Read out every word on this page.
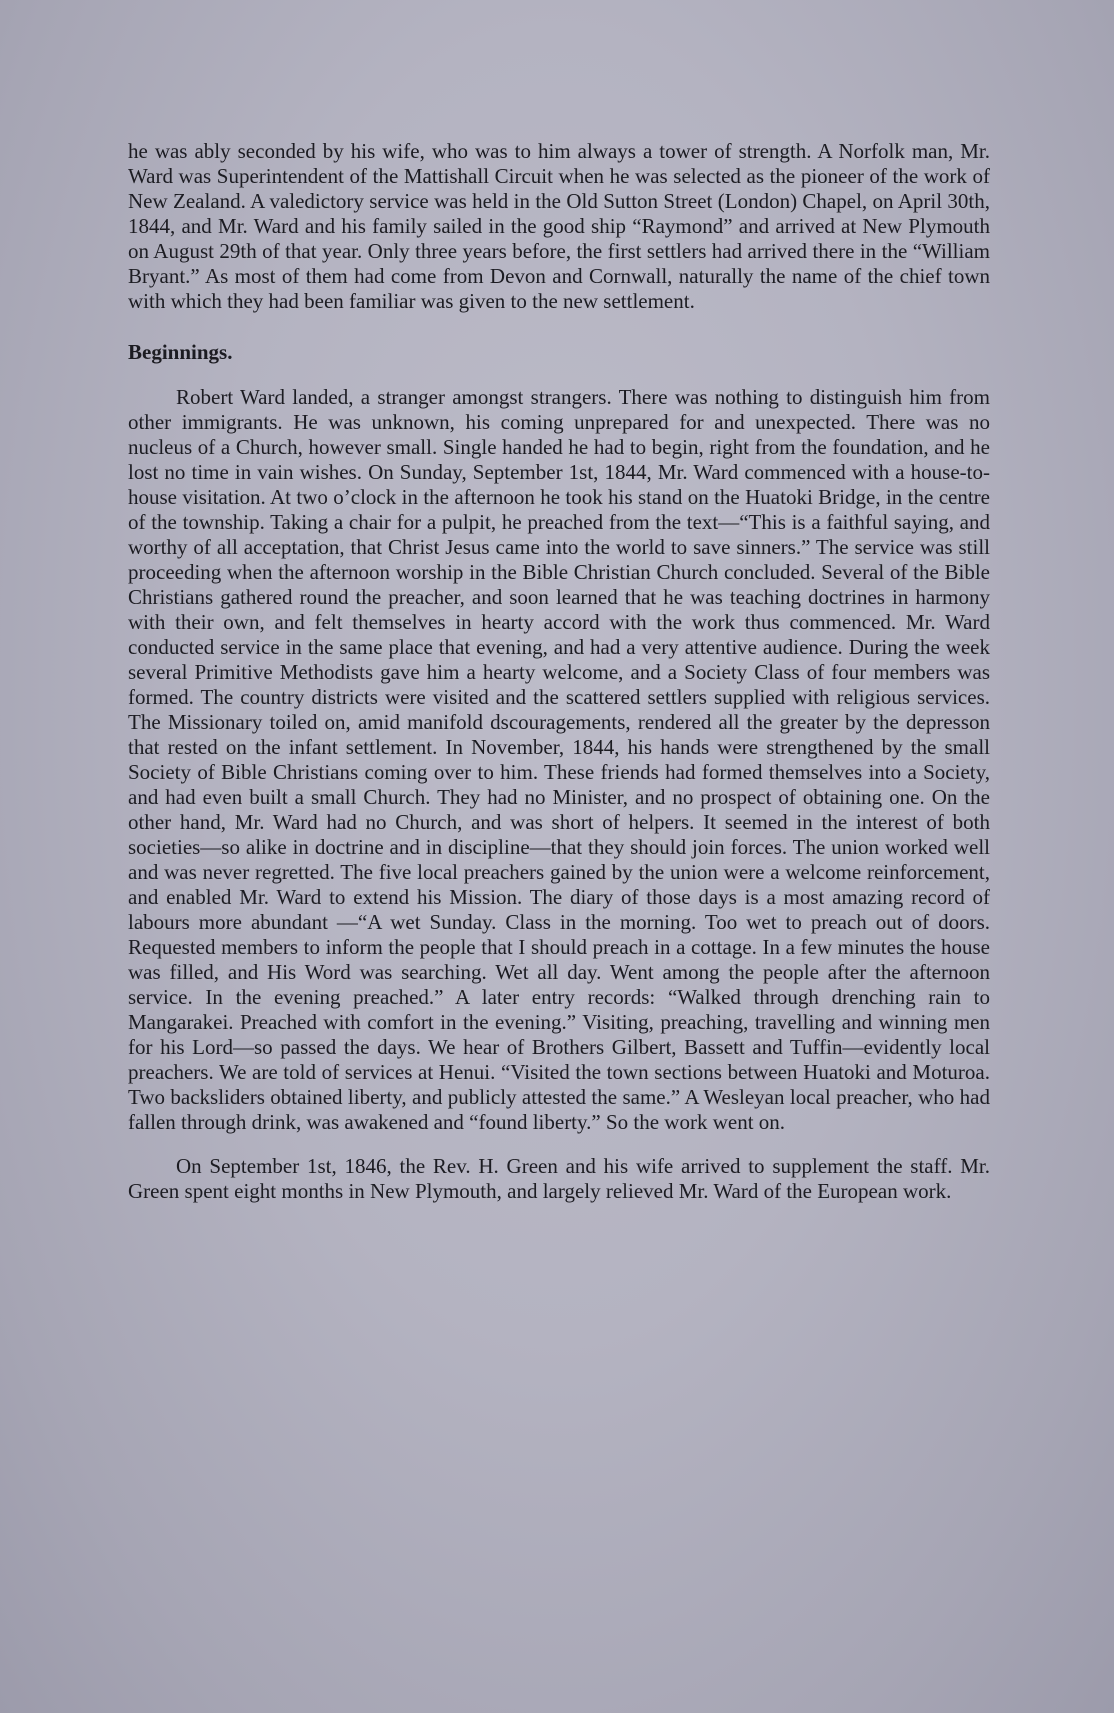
he was ably seconded by his wife, who was to him always a tower of strength. A Norfolk man, Mr. Ward was Superintendent of the Mattishall Circuit when he was selected as the pioneer of the work of New Zealand. A valedictory service was held in the Old Sutton Street (London) Chapel, on April 30th, 1844, and Mr. Ward and his family sailed in the good ship “Raymond” and arrived at New Plymouth on August 29th of that year. Only three years before, the first settlers had arrived there in the “William Bryant.” As most of them had come from Devon and Cornwall, naturally the name of the chief town with which they had been familiar was given to the new settlement.

Beginnings.

Robert Ward landed, a stranger amongst strangers. There was nothing to distinguish him from other immigrants. He was unknown, his coming unprepared for and unexpected. There was no nucleus of a Church, however small. Single handed he had to begin, right from the foundation, and he lost no time in vain wishes. On Sunday, September 1st, 1844, Mr. Ward commenced with a house-to-house visitation. At two o’clock in the afternoon he took his stand on the Huatoki Bridge, in the centre of the township. Taking a chair for a pulpit, he preached from the text—“This is a faithful saying, and worthy of all acceptation, that Christ Jesus came into the world to save sinners.” The service was still proceeding when the afternoon worship in the Bible Christian Church concluded. Several of the Bible Christians gathered round the preacher, and soon learned that he was teaching doctrines in harmony with their own, and felt themselves in hearty accord with the work thus commenced. Mr. Ward conducted service in the same place that evening, and had a very attentive audience. During the week several Primitive Methodists gave him a hearty welcome, and a Society Class of four members was formed. The country districts were visited and the scattered settlers supplied with religious services. The Missionary toiled on, amid manifold dscouragements, rendered all the greater by the depresson that rested on the infant settlement. In November, 1844, his hands were strengthened by the small Society of Bible Christians coming over to him. These friends had formed themselves into a Society, and had even built a small Church. They had no Minister, and no prospect of obtaining one. On the other hand, Mr. Ward had no Church, and was short of helpers. It seemed in the interest of both societies—so alike in doctrine and in discipline—that they should join forces. The union worked well and was never regretted. The five local preachers gained by the union were a welcome reinforcement, and enabled Mr. Ward to extend his Mission. The diary of those days is a most amazing record of labours more abundant —“A wet Sunday. Class in the morning. Too wet to preach out of doors. Requested members to inform the people that I should preach in a cottage. In a few minutes the house was filled, and His Word was searching. Wet all day. Went among the people after the afternoon service. In the evening preached.” A later entry records: “Walked through drenching rain to Mangarakei. Preached with comfort in the evening.” Visiting, preaching, travelling and winning men for his Lord—so passed the days. We hear of Brothers Gilbert, Bassett and Tuffin—evidently local preachers. We are told of services at Henui. “Visited the town sections between Huatoki and Moturoa. Two backsliders obtained liberty, and publicly attested the same.” A Wesleyan local preacher, who had fallen through drink, was awakened and “found liberty.” So the work went on.

On September 1st, 1846, the Rev. H. Green and his wife arrived to supplement the staff. Mr. Green spent eight months in New Plymouth, and largely relieved Mr. Ward of the European work.
